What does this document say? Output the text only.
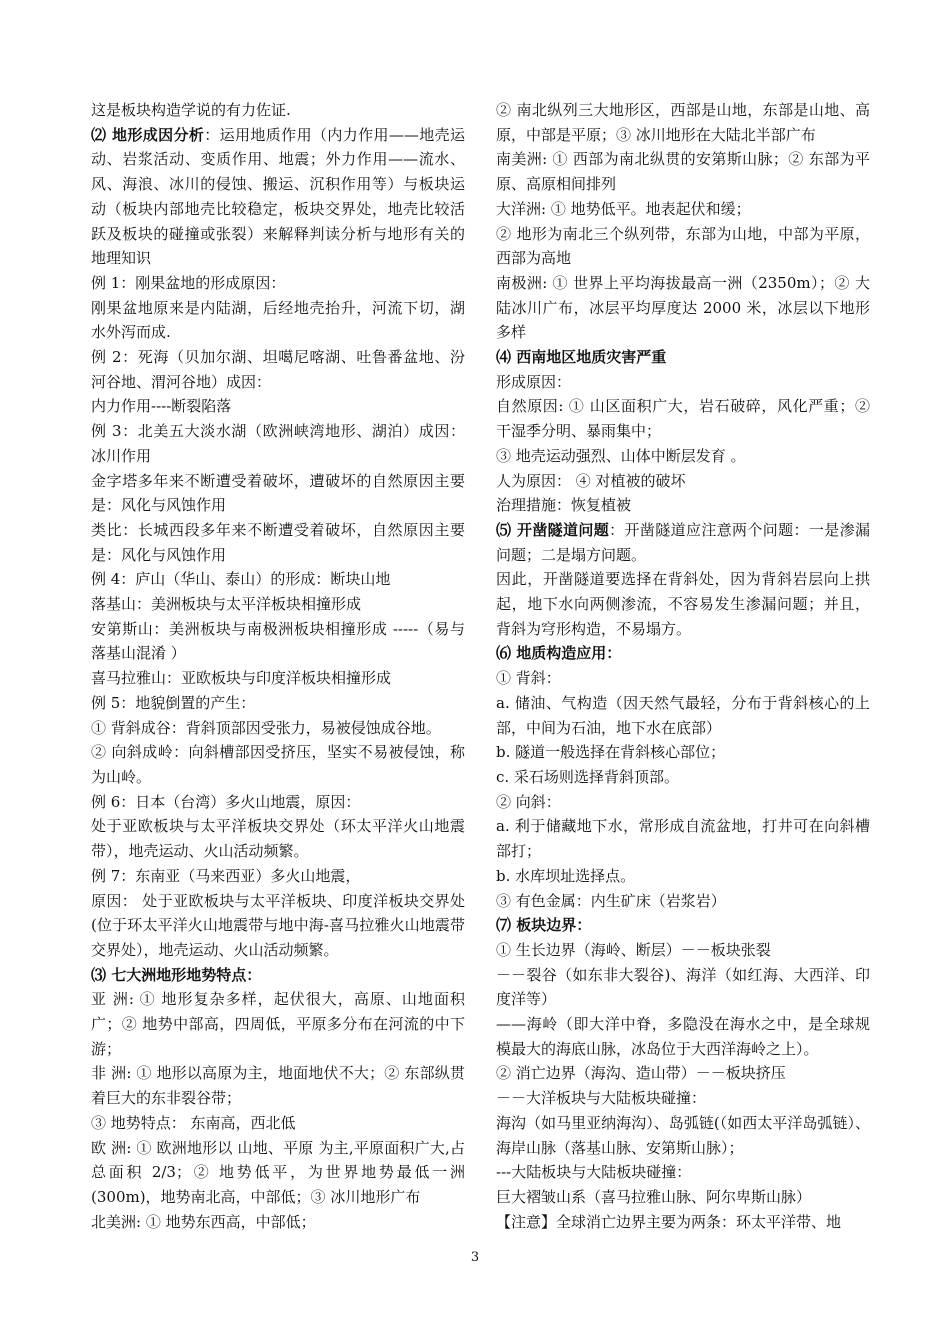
这是板块构造学说的有力佐证.
⑵ 地形成因分析：运用地质作用（内力作用——地壳运动、岩浆活动、变质作用、地震；外力作用——流水、风、海浪、冰川的侵蚀、搬运、沉积作用等）与板块运动（板块内部地壳比较稳定，板块交界处，地壳比较活跃及板块的碰撞或张裂）来解释判读分析与地形有关的地理知识
例 1：刚果盆地的形成原因：
刚果盆地原来是内陆湖，后经地壳抬升，河流下切，湖水外泻而成.
例 2：死海（贝加尔湖、坦噶尼喀湖、吐鲁番盆地、汾河谷地、渭河谷地）成因：
内力作用----断裂陷落
例 3：北美五大淡水湖（欧洲峡湾地形、湖泊）成因：冰川作用
金字塔多年来不断遭受着破坏，遭破坏的自然原因主要是：风化与风蚀作用
类比：长城西段多年来不断遭受着破坏，自然原因主要是：风化与风蚀作用
例 4：庐山（华山、泰山）的形成：断块山地
落基山：美洲板块与太平洋板块相撞形成
安第斯山：美洲板块与南极洲板块相撞形成 -----（易与落基山混淆 ）
喜马拉雅山：亚欧板块与印度洋板块相撞形成
例 5：地貌倒置的产生：
① 背斜成谷：背斜顶部因受张力，易被侵蚀成谷地。
② 向斜成岭：向斜槽部因受挤压，坚实不易被侵蚀，称为山岭。
例 6：日本（台湾）多火山地震，原因：
处于亚欧板块与太平洋板块交界处（环太平洋火山地震带），地壳运动、火山活动频繁。
例 7：东南亚（马来西亚）多火山地震，
原因： 处于亚欧板块与太平洋板块、印度洋板块交界处(位于环太平洋火山地震带与地中海-喜马拉雅火山地震带交界处），地壳运动、火山活动频繁。
⑶ 七大洲地形地势特点：
亚 洲: ① 地形复杂多样，起伏很大，高原、山地面积广；② 地势中部高，四周低，平原多分布在河流的中下游；
非 洲: ① 地形以高原为主，地面地伏不大；② 东部纵贯着巨大的东非裂谷带；
③ 地势特点： 东南高，西北低
欧 洲: ① 欧洲地形以 山地、平原 为主,平原面积广大,占总面积 2/3；② 地势低平，为世界地势最低一洲(300m)，地势南北高，中部低；③ 冰川地形广布
北美洲: ① 地势东西高，中部低；
② 南北纵列三大地形区，西部是山地，东部是山地、高原，中部是平原；③ 冰川地形在大陆北半部广布
南美洲: ① 西部为南北纵贯的安第斯山脉；② 东部为平原、高原相间排列
大洋洲: ① 地势低平。地表起伏和缓；
② 地形为南北三个纵列带，东部为山地，中部为平原，西部为高地
南极洲: ① 世界上平均海拔最高一洲（2350m）；② 大陆冰川广布，冰层平均厚度达 2000 米，冰层以下地形多样
⑷ 西南地区地质灾害严重
形成原因：
自然原因: ① 山区面积广大，岩石破碎，风化严重；② 干湿季分明、暴雨集中；
③ 地壳运动强烈、山体中断层发育 。
人为原因： ④ 对植被的破坏
治理措施：恢复植被
⑸ 开凿隧道问题：开凿隧道应注意两个问题：一是渗漏问题；二是塌方问题。
因此，开凿隧道要选择在背斜处，因为背斜岩层向上拱起，地下水向两侧渗流，不容易发生渗漏问题；并且，背斜为穹形构造，不易塌方。
⑹ 地质构造应用：
① 背斜：
a. 储油、气构造（因天然气最轻，分布于背斜核心的上部，中间为石油，地下水在底部）
b. 隧道一般选择在背斜核心部位；
c. 采石场则选择背斜顶部。
② 向斜：
a. 利于储藏地下水，常形成自流盆地，打井可在向斜槽部打；
b. 水库坝址选择点。
③ 有色金属：内生矿床（岩浆岩）
⑺ 板块边界：
① 生长边界（海岭、断层）－－板块张裂
－－裂谷（如东非大裂谷)、海洋（如红海、大西洋、印度洋等）
——海岭（即大洋中脊，多隐没在海水之中，是全球规模最大的海底山脉，冰岛位于大西洋海岭之上）。
② 消亡边界（海沟、造山带）－－板块挤压
－－大洋板块与大陆板块碰撞：
海沟（如马里亚纳海沟）、岛弧链(（如西太平洋岛弧链）、海岸山脉（落基山脉、安第斯山脉）；
---大陆板块与大陆板块碰撞：
巨大褶皱山系（喜马拉雅山脉、阿尔卑斯山脉）
【注意】全球消亡边界主要为两条：环太平洋带、地
3
